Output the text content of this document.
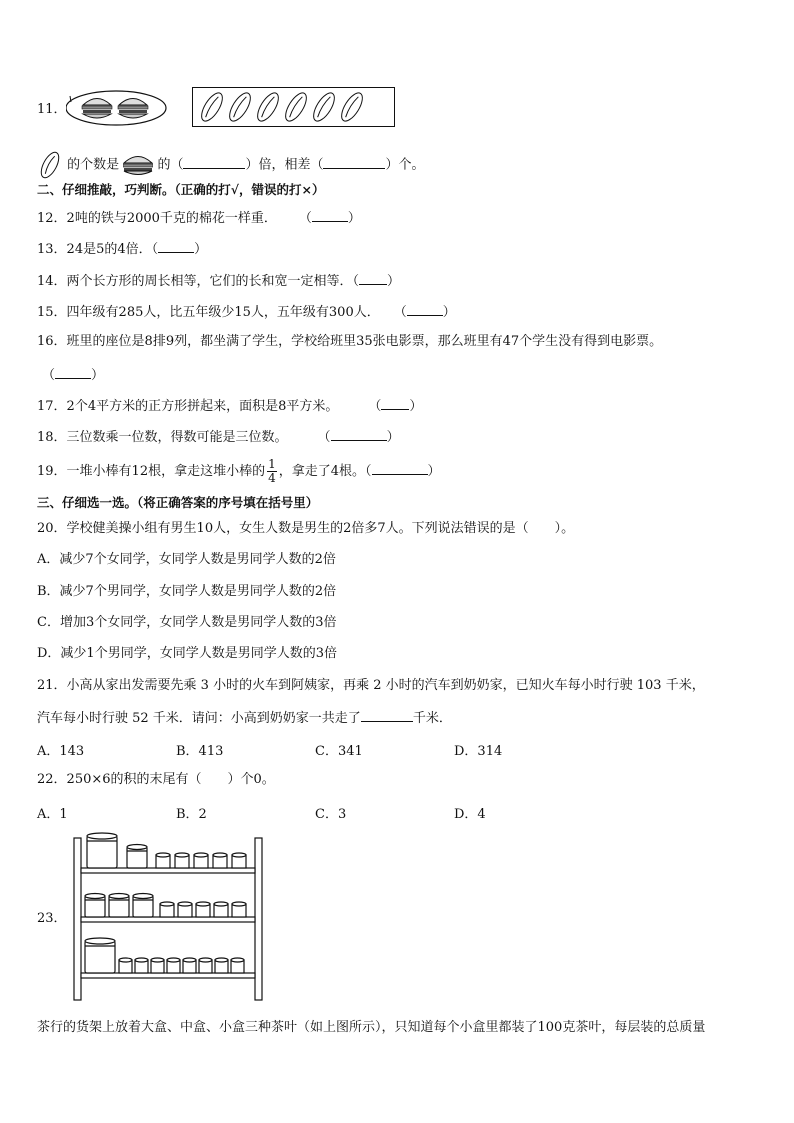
11．
的个数是	的（	）倍，相差（	）个。
二、仔细推敲，巧判断。（正确的打√，错误的打×）
12．2吨的铁与2000千克的棉花一样重． （	）
13．24是5的4倍．（	）
14．两个长方形的周长相等，它们的长和宽一定相等．（ ）
15．四年级有285人，比五年级少15人，五年级有300人． （	）
16．班里的座位是8排9列，都坐满了学生，学校给班里35张电影票，那么班里有47个学生没有得到电影票。
（	）
17．2个4平方米的正方形拼起来，面积是8平方米。 （ ）
18．三位数乘一位数，得数可能是三位数。 （	）
19．一堆小棒有12根，拿走这堆小棒的 $\frac{1}{4}$ ，拿走了4根。（	）
三、仔细选一选。（将正确答案的序号填在括号里）
20．学校健美操小组有男生10人，女生人数是男生的2倍多7人。下列说法错误的是（　　）。
A．减少7个女同学，女同学人数是男同学人数的2倍
B．减少7个男同学，女同学人数是男同学人数的2倍
C．增加3个女同学，女同学人数是男同学人数的3倍
D．减少1个男同学，女同学人数是男同学人数的3倍
21．小高从家出发需要先乘 3 小时的火车到阿姨家，再乘 2 小时的汽车到奶奶家，已知火车每小时行驶 103 千米，
汽车每小时行驶 52 千米．请问：小高到奶奶家一共走了	千米．
A．143	B．413	C．341	D．314
22．250×6的积的末尾有（　　）个0。
A．1	B．2	C．3	D．4
23．
茶行的货架上放着大盒、中盒、小盒三种茶叶（如上图所示），只知道每个小盒里都装了100克茶叶，每层装的总质量
